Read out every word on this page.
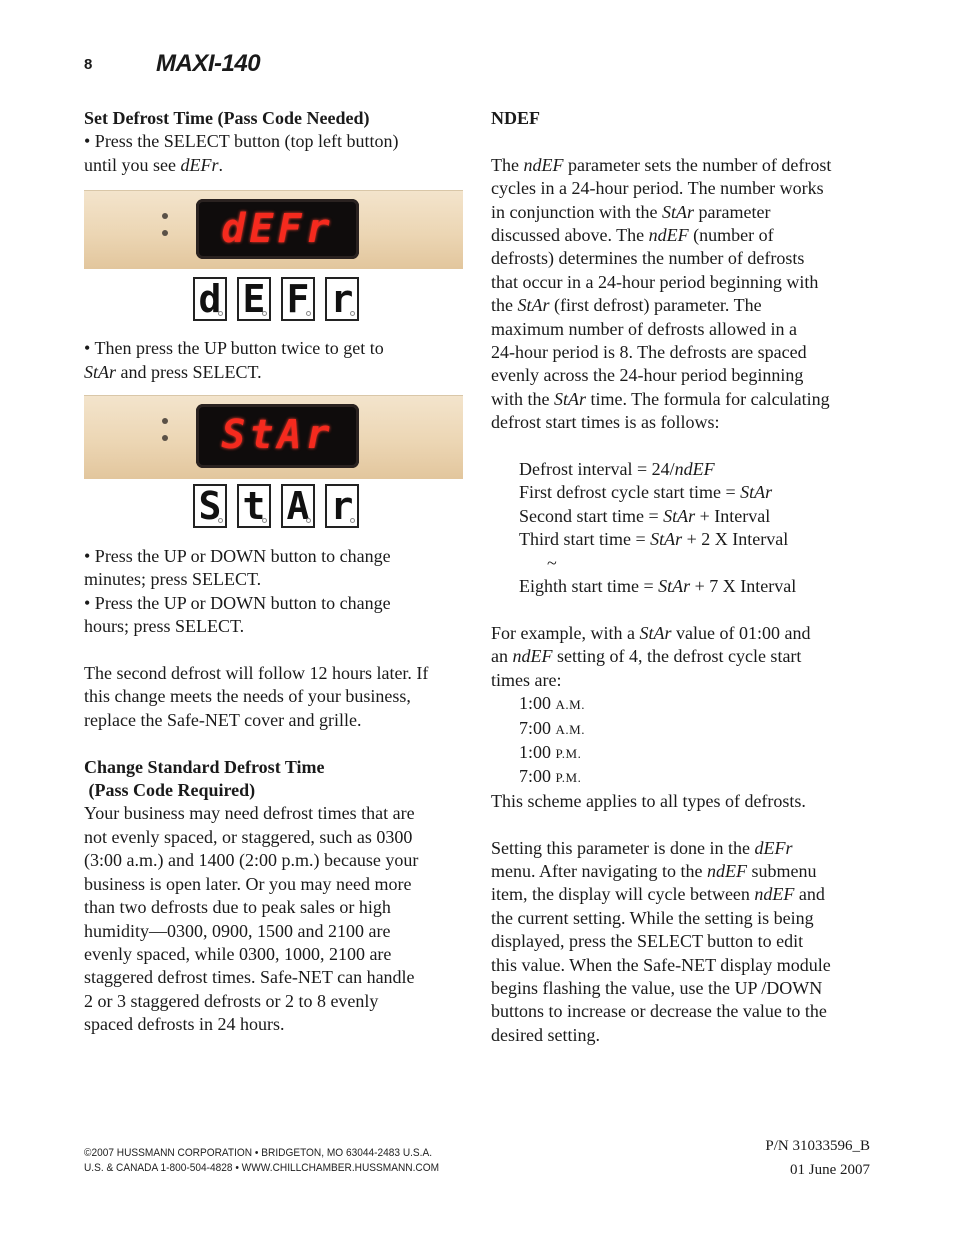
8	MAXI-140

Set Defrost Time (Pass Code Needed)

• Press the SELECT button (top left button)

until you see dEFr.

dEFr
d E F r

• Then press the UP button twice to get to

StAr and press SELECT.

StAr
S t A r

• Press the UP or DOWN button to change

minutes; press SELECT.

• Press the UP or DOWN button to change

hours; press SELECT.

The second defrost will follow 12 hours later. If

this change meets the needs of your business,

replace the Safe-NET cover and grille.

Change Standard Defrost Time

(Pass Code Required)

Your business may need defrost times that are

not evenly spaced, or staggered, such as 0300

(3:00 a.m.) and 1400 (2:00 p.m.) because your

business is open later. Or you may need more

than two defrosts due to peak sales or high

humidity—0300, 0900, 1500 and 2100 are

evenly spaced, while 0300, 1000, 2100 are

staggered defrost times. Safe-NET can handle

2 or 3 staggered defrosts or 2 to 8 evenly

spaced defrosts in 24 hours.

NDEF

The ndEF parameter sets the number of defrost

cycles in a 24-hour period. The number works

in conjunction with the StAr parameter

discussed above. The ndEF (number of

defrosts) determines the number of defrosts

that occur in a 24-hour period beginning with

the StAr (first defrost) parameter. The

maximum number of defrosts allowed in a

24-hour period is 8. The defrosts are spaced

evenly across the 24-hour period beginning

with the StAr time. The formula for calculating

defrost start times is as follows:

Defrost interval = 24/ndEF

First defrost cycle start time = StAr

Second start time = StAr + Interval

Third start time = StAr + 2 X Interval

~

Eighth start time = StAr + 7 X Interval

For example, with a StAr value of 01:00 and

an ndEF setting of 4, the defrost cycle start

times are:

1:00 A.M.

7:00 A.M.

1:00 P.M.

7:00 P.M.

This scheme applies to all types of defrosts.

Setting this parameter is done in the dEFr

menu. After navigating to the ndEF submenu

item, the display will cycle between ndEF and

the current setting. While the setting is being

displayed, press the SELECT button to edit

this value. When the Safe-NET display module

begins flashing the value, use the UP /DOWN

buttons to increase or decrease the value to the

desired setting.

©2007 HUSSMANN CORPORATION • BRIDGETON, MO 63044-2483 U.S.A.
U.S. & CANADA 1-800-504-4828 • WWW.CHILLCHAMBER.HUSSMANN.COM
P/N 31033596_B
01 June 2007
